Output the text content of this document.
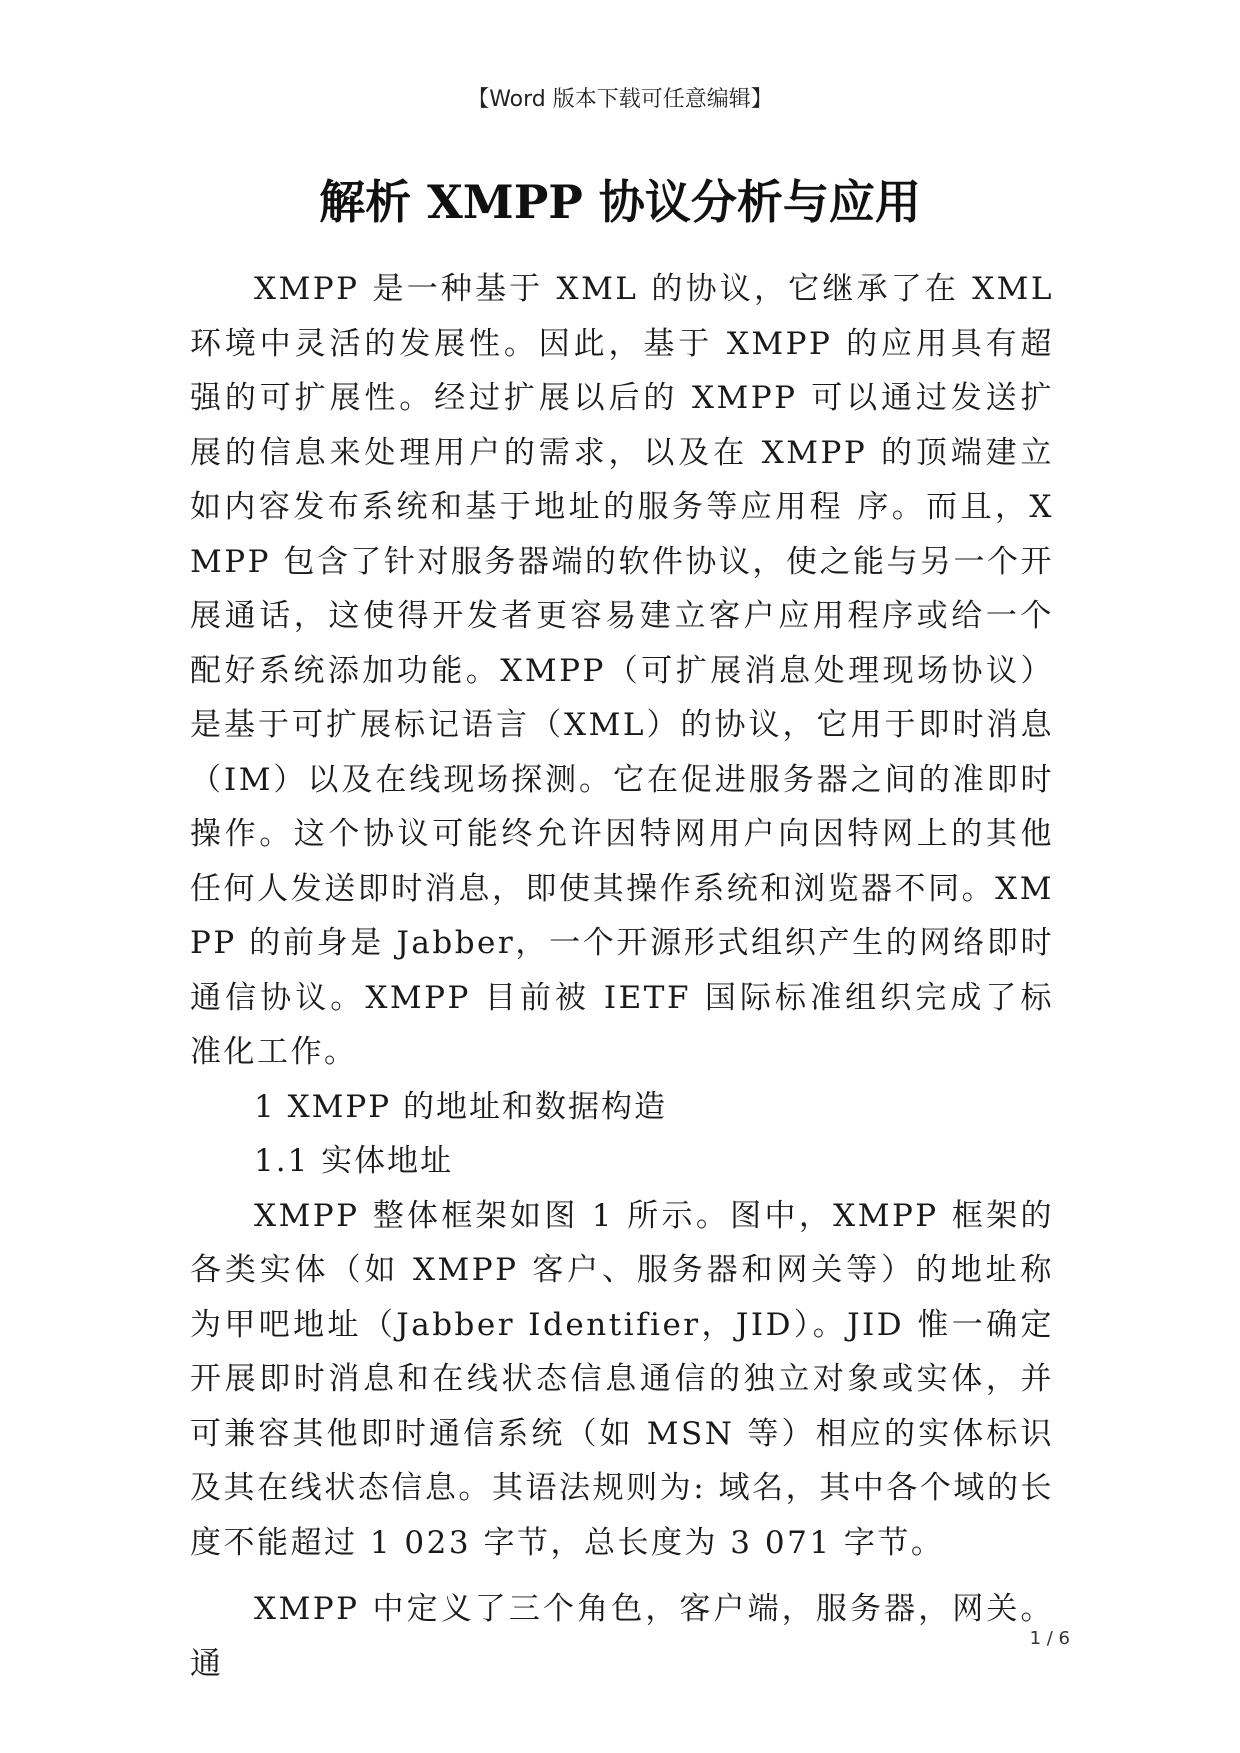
【Word 版本下载可任意编辑】
解析 XMPP 协议分析与应用

XMPP 是一种基于 XML 的协议，它继承了在 XML 环境中灵活的发展性。因此，基于 XMPP 的应用具有超强的可扩展性。经过扩展以后的 XMPP 可以通过发送扩展的信息来处理用户的需求，以及在 XMPP 的顶端建立如内容发布系统和基于地址的服务等应用程 序。而且，XMPP 包含了针对服务器端的软件协议，使之能与另一个开展通话，这使得开发者更容易建立客户应用程序或给一个配好系统添加功能。XMPP（可扩展消息处理现场协议）是基于可扩展标记语言（XML）的协议，它用于即时消息（IM）以及在线现场探测。它在促进服务器之间的准即时操作。这个协议可能终允许因特网用户向因特网上的其他任何人发送即时消息，即使其操作系统和浏览器不同。XMPP 的前身是 Jabber，一个开源形式组织产生的网络即时通信协议。XMPP 目前被 IETF 国际标准组织完成了标准化工作。

1 XMPP 的地址和数据构造

1.1 实体地址

XMPP 整体框架如图 1 所示。图中，XMPP 框架的各类实体（如 XMPP 客户、服务器和网关等）的地址称为甲吧地址（Jabber Identifier，JID）。JID 惟一确定开展即时消息和在线状态信息通信的独立对象或实体，并可兼容其他即时通信系统（如 MSN 等）相应的实体标识及其在线状态信息。其语法规则为: 域名，其中各个域的长度不能超过 1 023 字节，总长度为 3 071 字节。

XMPP 中定义了三个角色，客户端，服务器，网关。通

1 / 6
